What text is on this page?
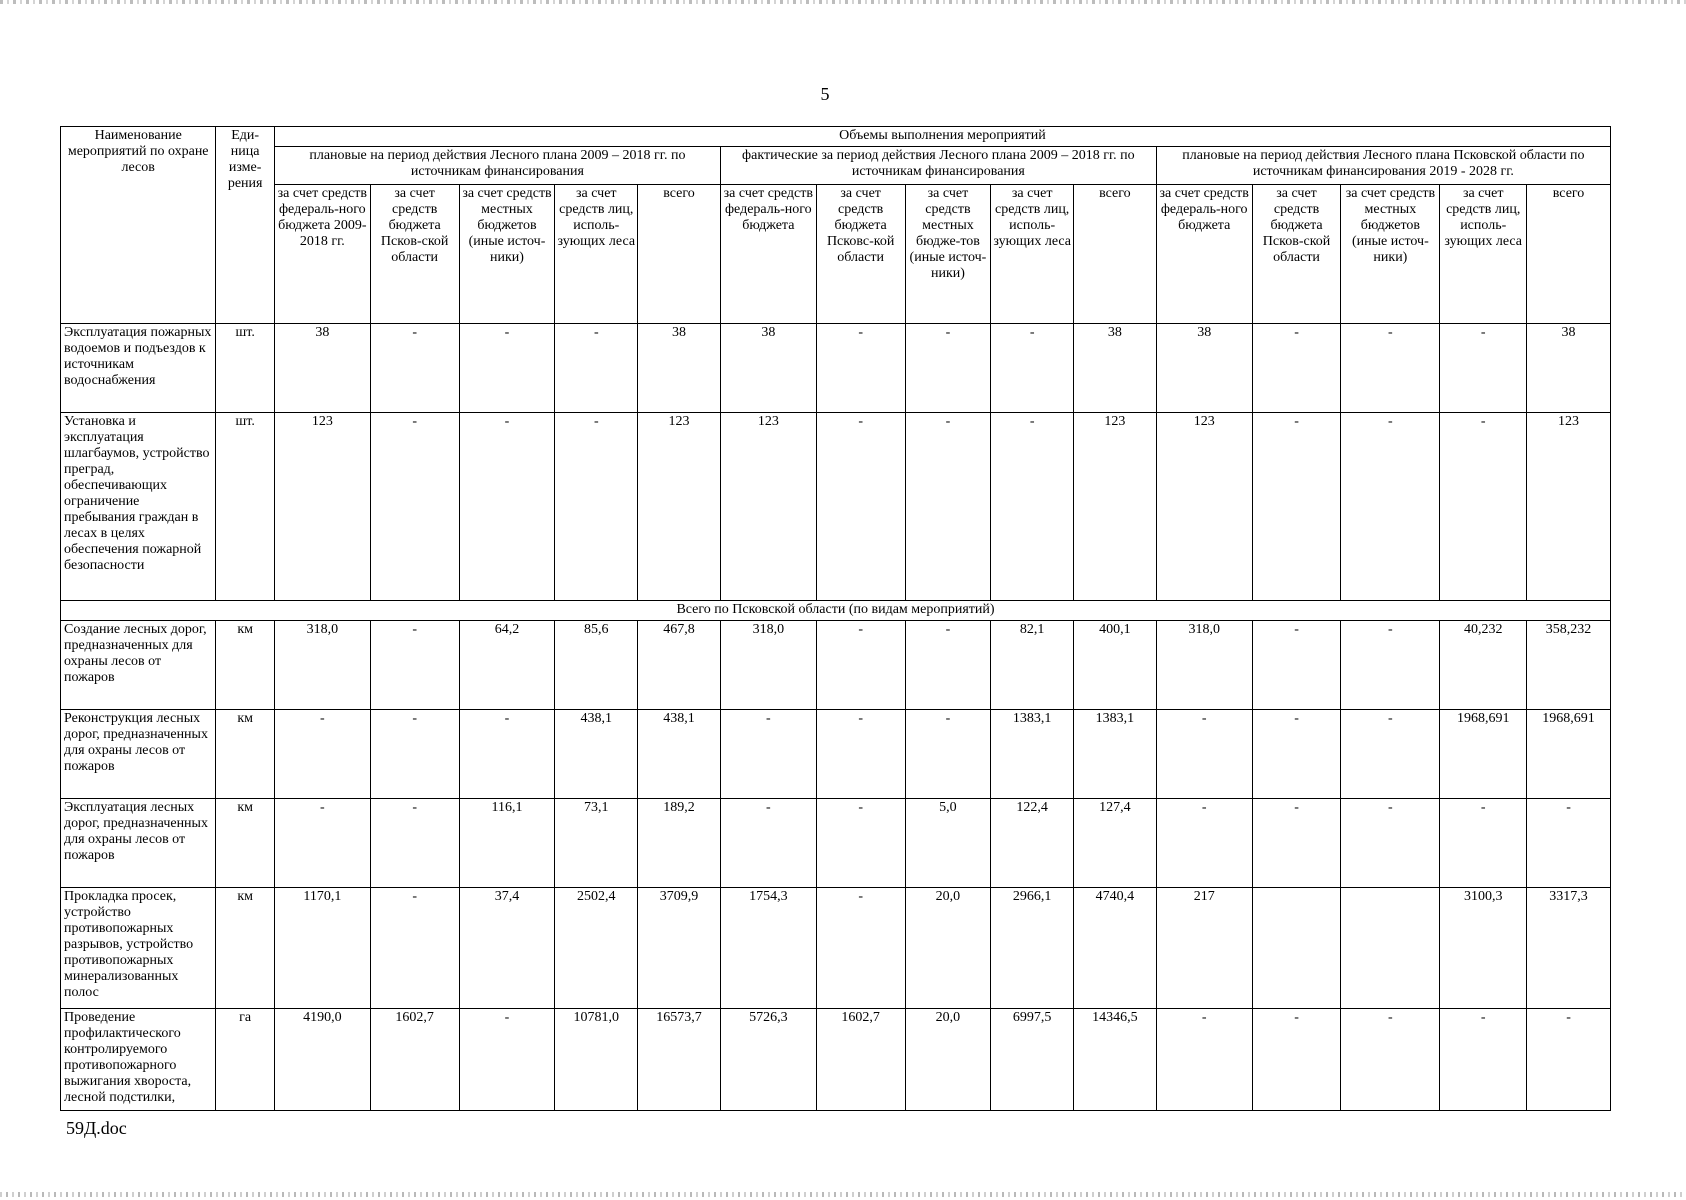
5
Наименование мероприятий по охране лесов	Еди-ница изме-рения	Объемы выполнения мероприятий														
		плановые на период действия Лесного плана 2009 – 2018 гг. по источникам финансирования					фактические за период действия Лесного плана 2009 – 2018 гг. по источникам финансирования					плановые на период действия Лесного плана Псковской области по источникам финансирования 2019 - 2028 гг.				
		за счет средств федераль-ного бюджета 2009-2018 гг.	за счет средств бюджета Псков-ской области	за счет средств местных бюджетов (иные источ-ники)	за счет средств лиц, исполь-зующих леса	всего	за счет средств федераль-ного бюджета	за счет средств бюджета Псковс-кой области	за счет средств местных бюдже-тов (иные источ-ники)	за счет средств лиц, исполь-зующих леса	всего	за счет средств федераль-ного бюджета	за счет средств бюджета Псков-ской области	за счет средств местных бюджетов (иные источ-ники)	за счет средств лиц, исполь-зующих леса	всего
Эксплуатация пожарных водоемов и подъездов к источникам водоснабжения	шт.	38	-	-	-	38	38	-	-	-	38	38	-	-	-	38
Установка и эксплуатация шлагбаумов, устройство преград, обеспечивающих ограничение пребывания граждан в лесах в целях обеспечения пожарной безопасности	шт.	123	-	-	-	123	123	-	-	-	123	123	-	-	-	123
Всего по Псковской области (по видам мероприятий)																
Создание лесных дорог, предназначенных для охраны лесов от пожаров	км	318,0	-	64,2	85,6	467,8	318,0	-	-	82,1	400,1	318,0	-	-	40,232	358,232
Реконструкция лесных дорог, предназначенных для охраны лесов от пожаров	км	-	-	-	438,1	438,1	-	-	-	1383,1	1383,1	-	-	-	1968,691	1968,691
Эксплуатация лесных дорог, предназначенных для охраны лесов от пожаров	км	-	-	116,1	73,1	189,2	-	-	5,0	122,4	127,4	-	-	-	-	-
Прокладка просек, устройство противопожарных разрывов, устройство противопожарных минерализованных полос	км	1170,1	-	37,4	2502,4	3709,9	1754,3	-	20,0	2966,1	4740,4	217			3100,3	3317,3
Проведение профилактического контролируемого противопожарного выжигания хвороста, лесной подстилки,	га	4190,0	1602,7	-	10781,0	16573,7	5726,3	1602,7	20,0	6997,5	14346,5	-	-	-	-	-
59Д.doc
